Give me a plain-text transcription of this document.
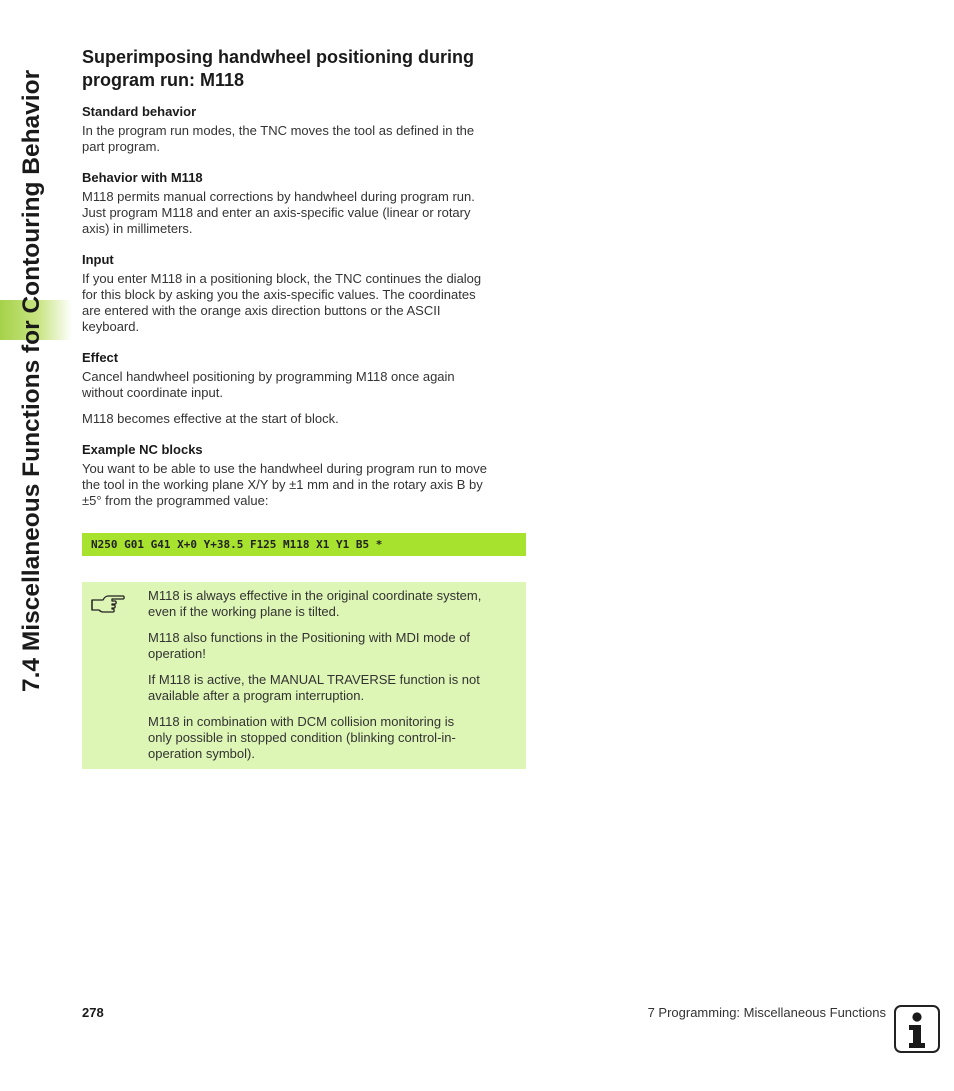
7.4 Miscellaneous Functions for Contouring Behavior
Superimposing handwheel positioning during
program run: M118
Standard behavior

In the program run modes, the TNC moves the tool as defined in the
part program.

Behavior with M118

M118 permits manual corrections by handwheel during program run.
Just program M118 and enter an axis-specific value (linear or rotary
axis) in millimeters.

Input

If you enter M118 in a positioning block, the TNC continues the dialog
for this block by asking you the axis-specific values. The coordinates
are entered with the orange axis direction buttons or the ASCII
keyboard.

Effect

Cancel handwheel positioning by programming M118 once again
without coordinate input.

M118 becomes effective at the start of block.

Example NC blocks

You want to be able to use the handwheel during program run to move
the tool in the working plane X/Y by ±1 mm and in the rotary axis B by
±5° from the programmed value:

N250 G01 G41 X+0 Y+38.5 F125 M118 X1 Y1 B5 *

M118 is always effective in the original coordinate system,
even if the working plane is tilted.

M118 also functions in the Positioning with MDI mode of
operation!

If M118 is active, the MANUAL TRAVERSE function is not
available after a program interruption.

M118 in combination with DCM collision monitoring is
only possible in stopped condition (blinking control-in-
operation symbol).

278	7 Programming: Miscellaneous Functions
